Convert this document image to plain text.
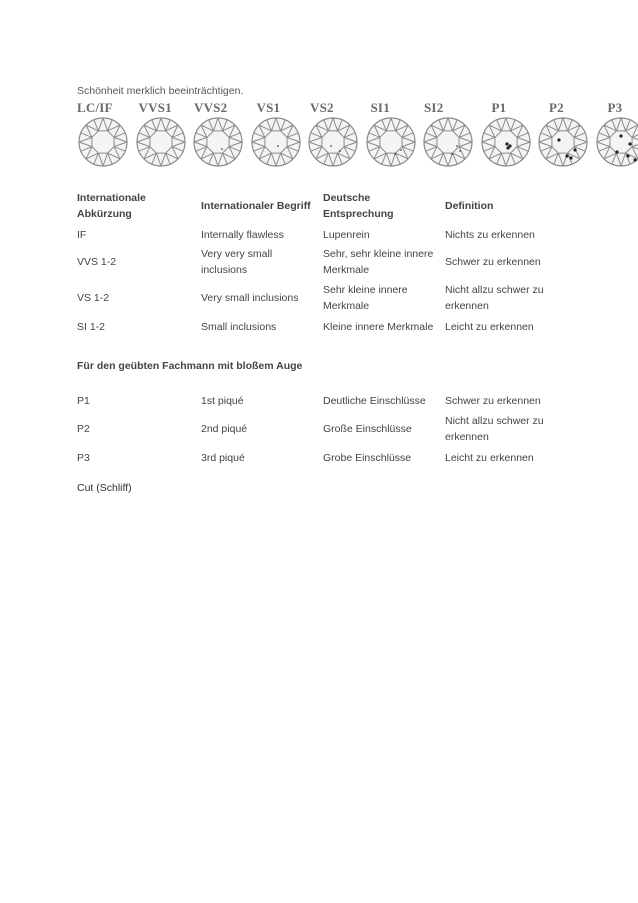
Schönheit merklich beeinträchtigen.

LC/IF VVS1 VVS2 VS1 VS2	SI1	SI2	P1	P2	P3
Internationale Abkürzung	Internationaler Begriff	Deutsche Entsprechung	Definition
IF	Internally flawless	Lupenrein	Nichts zu erkennen
VVS 1-2	Very very small inclusions	Sehr, sehr kleine innere Merkmale	Schwer zu erkennen
VS 1-2	Very small inclusions	Sehr kleine innere Merkmale	Nicht allzu schwer zu erkennen
SI 1-2	Small inclusions	Kleine innere Merkmale	Leicht zu erkennen

Für den geübten Fachmann mit bloßem Auge

P1	1st piqué	Deutliche Einschlüsse	Schwer zu erkennen
P2	2nd piqué	Große Einschlüsse	Nicht allzu schwer zu erkennen
P3	3rd piqué	Grobe Einschlüsse	Leicht zu erkennen

Cut (Schliff)
